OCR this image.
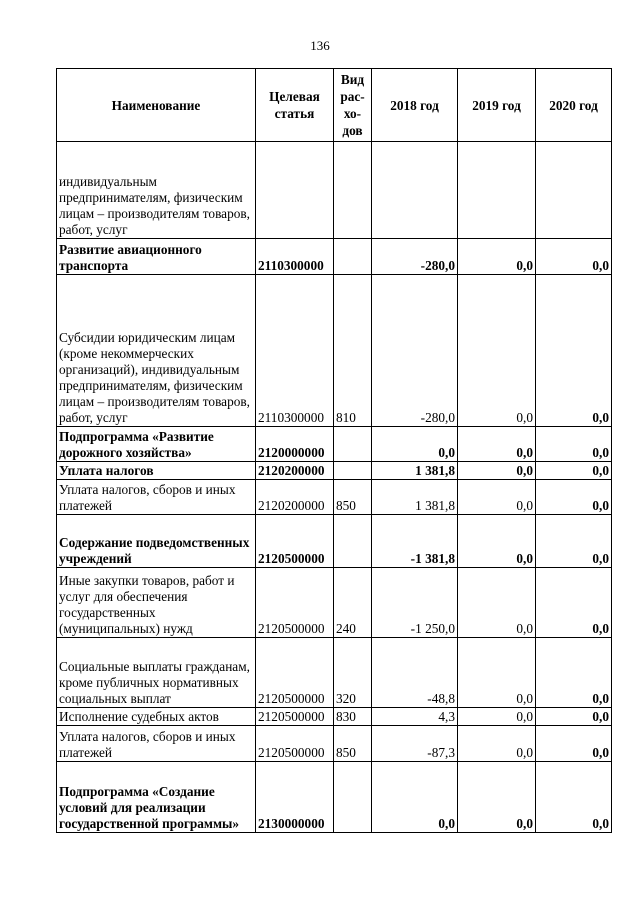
136
Наименование	Целевая статья	Вид рас-хо-дов	2018 год	2019 год	2020 год
индивидуальным предпринимателям, физическим лицам – производителям товаров, работ, услуг					
Развитие авиационного транспорта	2110300000		-280,0	0,0	0,0
Субсидии юридическим лицам (кроме некоммерческих организаций), индивидуальным предпринимателям, физическим лицам – производителям товаров, работ, услуг	2110300000	810	-280,0	0,0	0,0
Подпрограмма «Развитие дорожного хозяйства»	2120000000		0,0	0,0	0,0
Уплата налогов	2120200000		1 381,8	0,0	0,0
Уплата налогов, сборов и иных платежей	2120200000	850	1 381,8	0,0	0,0
Содержание подведомственных учреждений	2120500000		-1 381,8	0,0	0,0
Иные закупки товаров, работ и услуг для обеспечения государственных (муниципальных) нужд	2120500000	240	-1 250,0	0,0	0,0
Социальные выплаты гражданам, кроме публичных нормативных социальных выплат	2120500000	320	-48,8	0,0	0,0
Исполнение судебных актов	2120500000	830	4,3	0,0	0,0
Уплата налогов, сборов и иных платежей	2120500000	850	-87,3	0,0	0,0
Подпрограмма «Создание условий для реализации государственной программы»	2130000000		0,0	0,0	0,0
